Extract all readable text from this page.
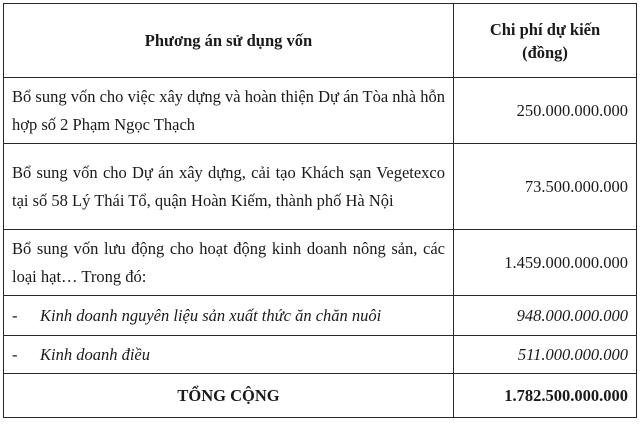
Phương án sử dụng vốn	Chi phí dự kiến
(đồng)

Bổ sung vốn cho việc xây dựng và hoàn thiện Dự án Tòa nhà hỗn hợp số 2 Phạm Ngọc Thạch	250.000.000.000
Bổ sung vốn cho Dự án xây dựng, cải tạo Khách sạn Vegetexco tại số 58 Lý Thái Tổ, quận Hoàn Kiếm, thành phố Hà Nội	73.500.000.000
Bổ sung vốn lưu động cho hoạt động kinh doanh nông sản, các loại hạt… Trong đó:	1.459.000.000.000
- Kinh doanh nguyên liệu sản xuất thức ăn chăn nuôi	948.000.000.000
- Kinh doanh điều	511.000.000.000
TỔNG CỘNG	1.782.500.000.000
